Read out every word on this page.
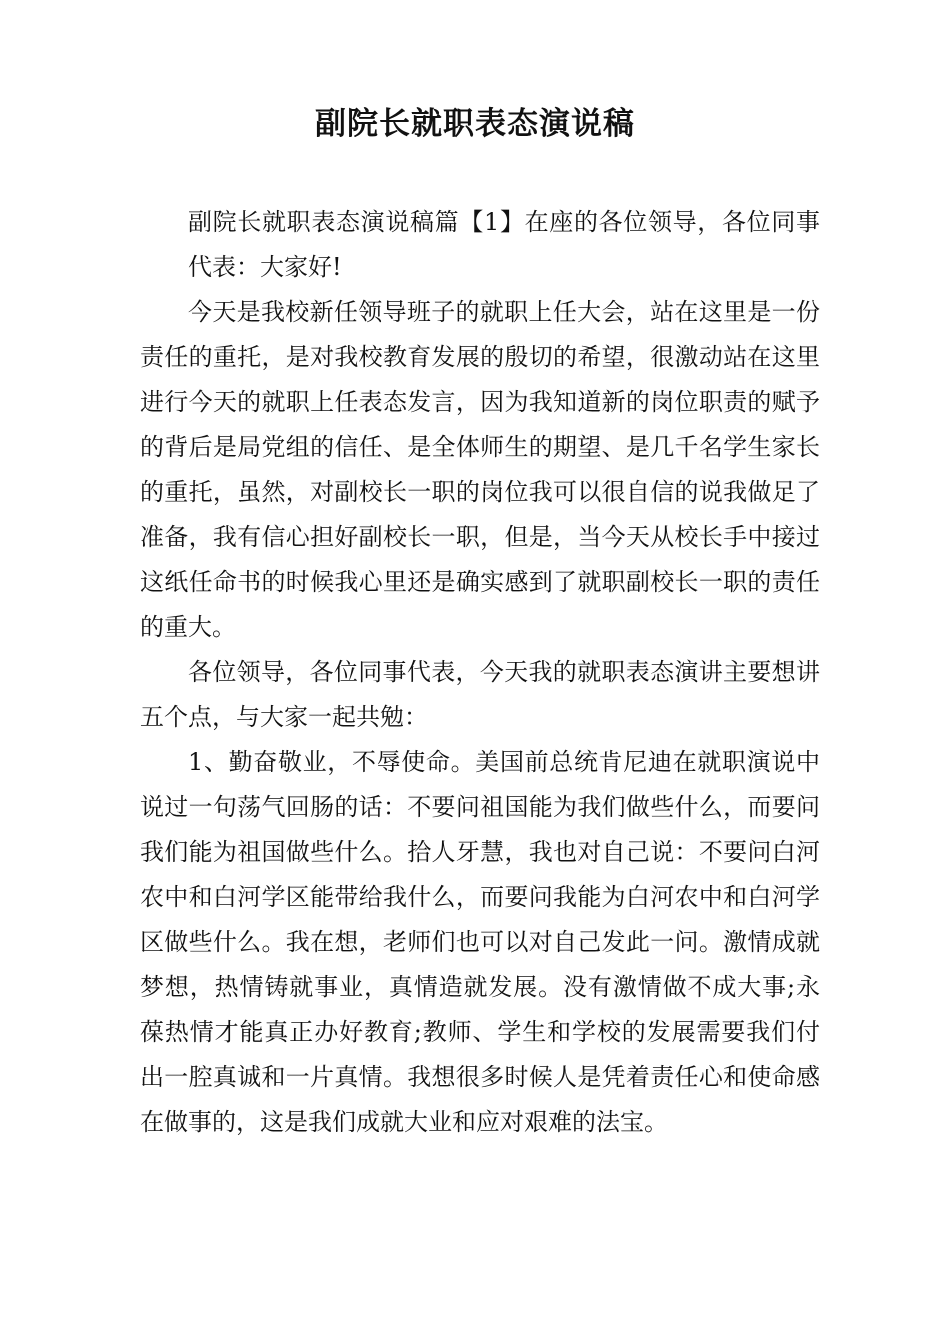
副院长就职表态演说稿

副院长就职表态演说稿篇【1】在座的各位领导，各位同事代表：大家好!

今天是我校新任领导班子的就职上任大会，站在这里是一份责任的重托，是对我校教育发展的殷切的希望，很激动站在这里进行今天的就职上任表态发言，因为我知道新的岗位职责的赋予的背后是局党组的信任、是全体师生的期望、是几千名学生家长的重托，虽然，对副校长一职的岗位我可以很自信的说我做足了准备，我有信心担好副校长一职，但是，当今天从校长手中接过这纸任命书的时候我心里还是确实感到了就职副校长一职的责任的重大。

各位领导，各位同事代表，今天我的就职表态演讲主要想讲五个点，与大家一起共勉：

1、勤奋敬业，不辱使命。美国前总统肯尼迪在就职演说中说过一句荡气回肠的话：不要问祖国能为我们做些什么，而要问我们能为祖国做些什么。拾人牙慧，我也对自己说：不要问白河农中和白河学区能带给我什么，而要问我能为白河农中和白河学区做些什么。我在想，老师们也可以对自己发此一问。激情成就梦想，热情铸就事业，真情造就发展。没有激情做不成大事;永葆热情才能真正办好教育;教师、学生和学校的发展需要我们付出一腔真诚和一片真情。我想很多时候人是凭着责任心和使命感在做事的，这是我们成就大业和应对艰难的法宝。
